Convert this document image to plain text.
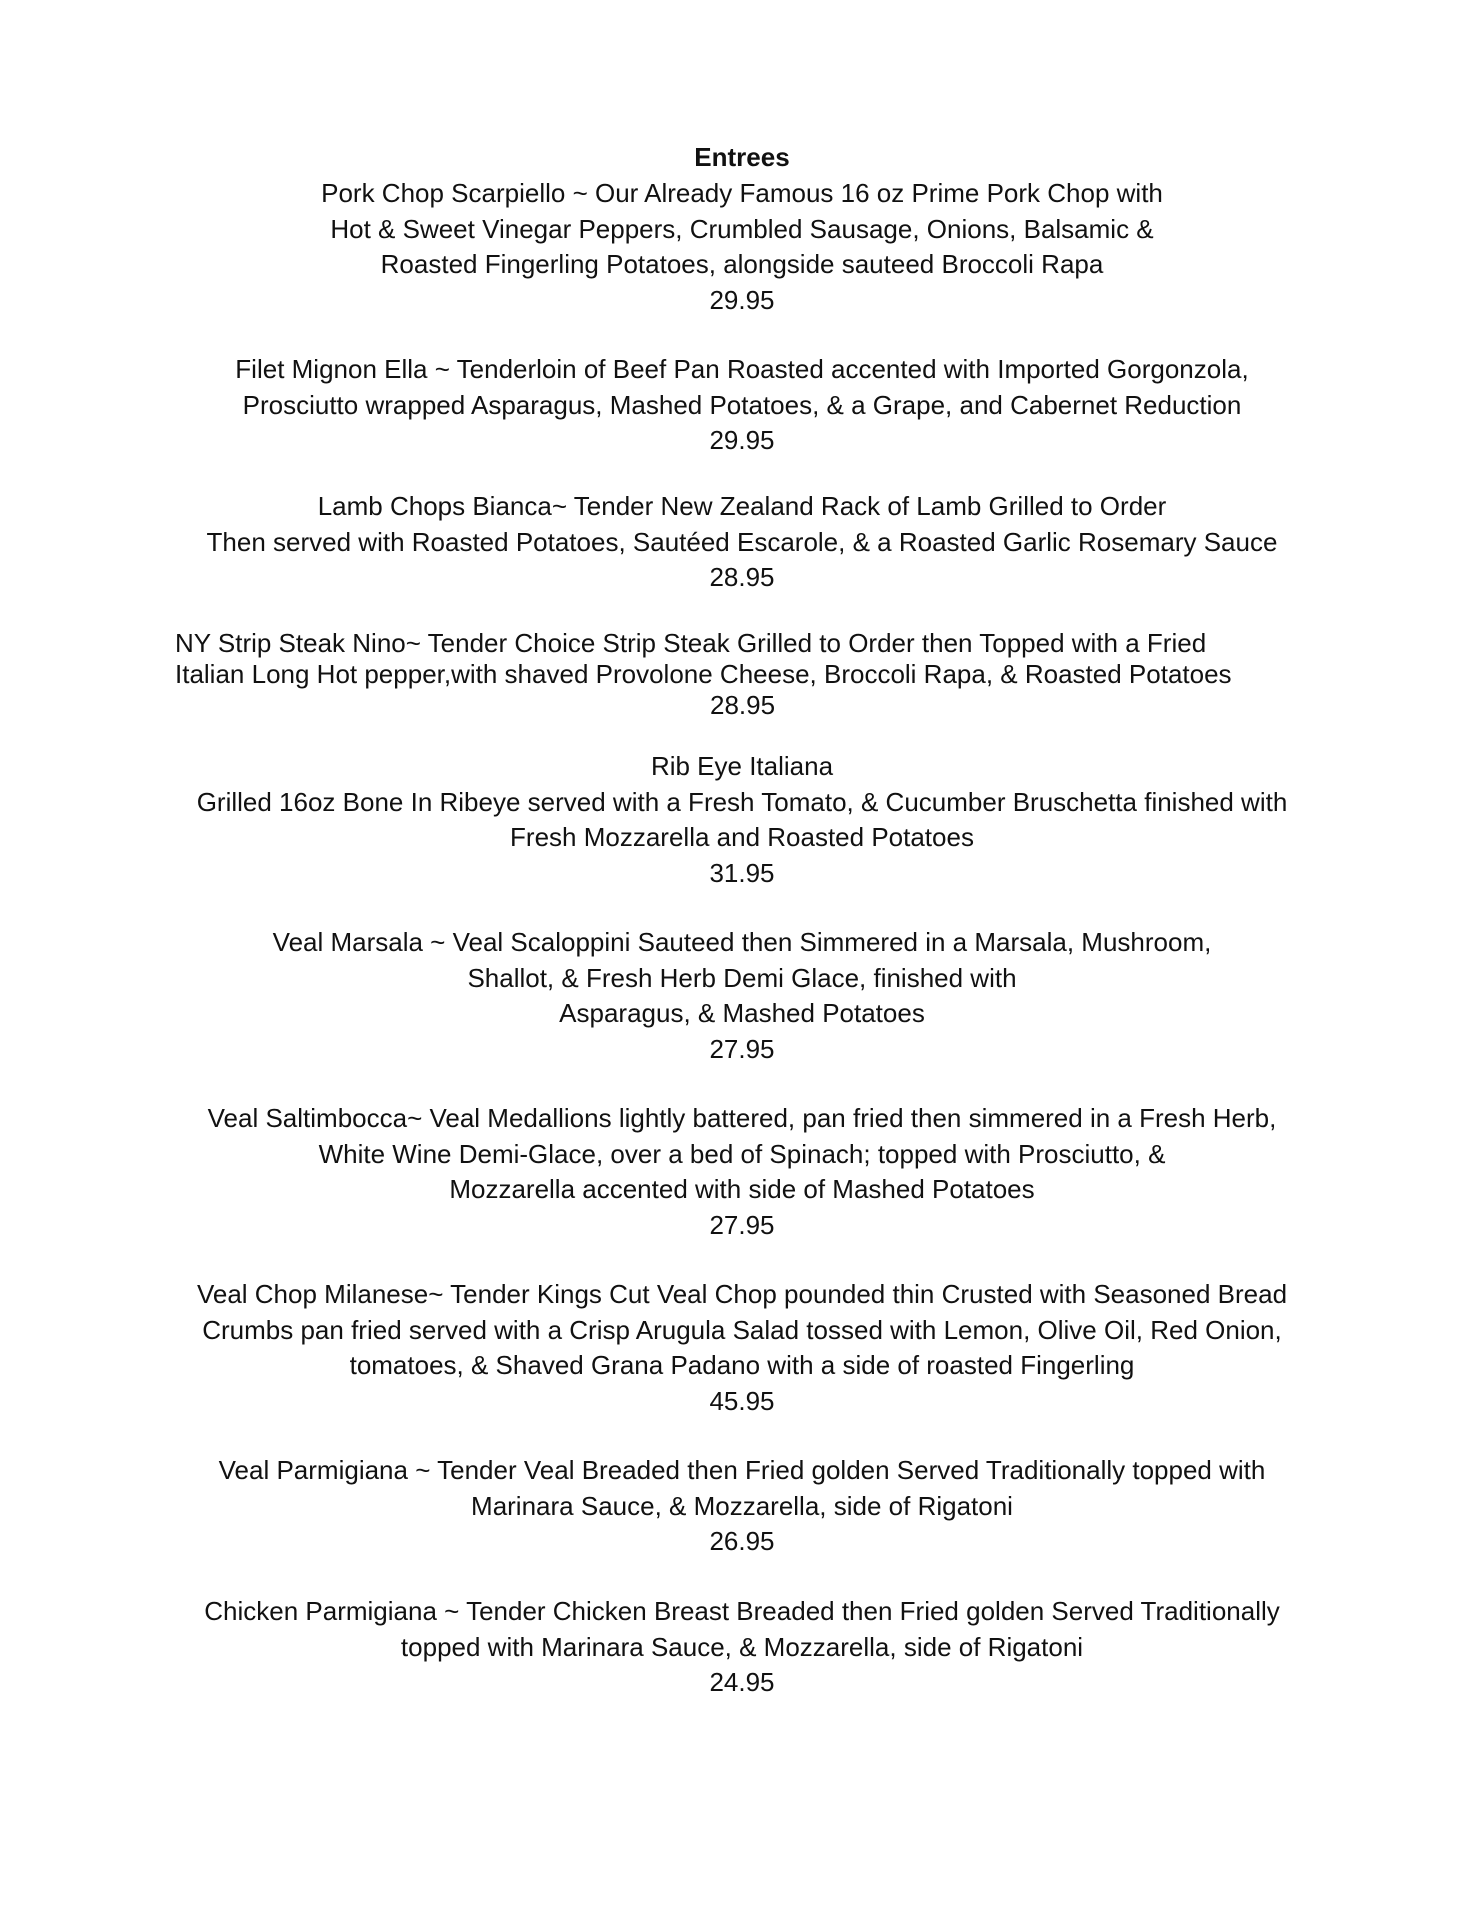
Entrees
Pork Chop Scarpiello ~ Our Already Famous 16 oz Prime Pork Chop with
Hot & Sweet Vinegar Peppers, Crumbled Sausage, Onions, Balsamic &
Roasted Fingerling Potatoes, alongside sauteed Broccoli Rapa
29.95
Filet Mignon Ella ~ Tenderloin of Beef Pan Roasted accented with Imported Gorgonzola,
Prosciutto wrapped Asparagus, Mashed Potatoes, & a Grape, and Cabernet Reduction
29.95
Lamb Chops Bianca~ Tender New Zealand Rack of Lamb Grilled to Order
Then served with Roasted Potatoes, Sautéed Escarole, & a Roasted Garlic Rosemary Sauce
28.95
NY Strip Steak Nino~ Tender Choice Strip Steak Grilled to Order then Topped with a Fried
Italian Long Hot pepper,with shaved Provolone Cheese, Broccoli Rapa, & Roasted Potatoes
28.95
Rib Eye Italiana
Grilled 16oz Bone In Ribeye served with a Fresh Tomato, & Cucumber Bruschetta finished with
Fresh Mozzarella and Roasted Potatoes
31.95
Veal Marsala ~ Veal Scaloppini Sauteed then Simmered in a Marsala, Mushroom,
Shallot, & Fresh Herb Demi Glace, finished with
Asparagus, & Mashed Potatoes
27.95
Veal Saltimbocca~ Veal Medallions lightly battered, pan fried then simmered in a Fresh Herb,
White Wine Demi-Glace, over a bed of Spinach; topped with Prosciutto, &
Mozzarella accented with side of Mashed Potatoes
27.95
Veal Chop Milanese~ Tender Kings Cut Veal Chop pounded thin Crusted with Seasoned Bread
Crumbs pan fried served with a Crisp Arugula Salad tossed with Lemon, Olive Oil, Red Onion,
tomatoes, & Shaved Grana Padano with a side of roasted Fingerling
45.95
Veal Parmigiana ~ Tender Veal Breaded then Fried golden Served Traditionally topped with
Marinara Sauce, & Mozzarella, side of Rigatoni
26.95
Chicken Parmigiana ~ Tender Chicken Breast Breaded then Fried golden Served Traditionally
topped with Marinara Sauce, & Mozzarella, side of Rigatoni
24.95
